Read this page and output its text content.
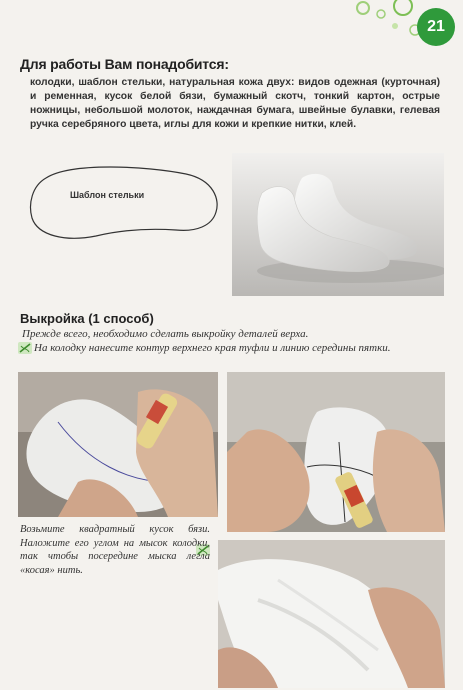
21
Для работы Вам понадобится:
колодки, шаблон стельки, натуральная кожа двух: видов одежная (курточная) и ременная, кусок белой бязи, бумажный скотч, тонкий картон, острые ножницы, небольшой молоток, наждачная бумага, швейные булавки, гелевая ручка серебряного цвета, иглы для кожи и крепкие нитки, клей.
Шаблон стельки
Выкройка (1 способ)
Прежде всего, необходимо сделать выкройку деталей верха.
На колодку нанесите контур верхнего края туфли и линию середины пятки.
Возьмите квадратный кусок бязи. Наложите его углом на мысок колодки, так чтобы посередине мыска легла «косая» нить.
